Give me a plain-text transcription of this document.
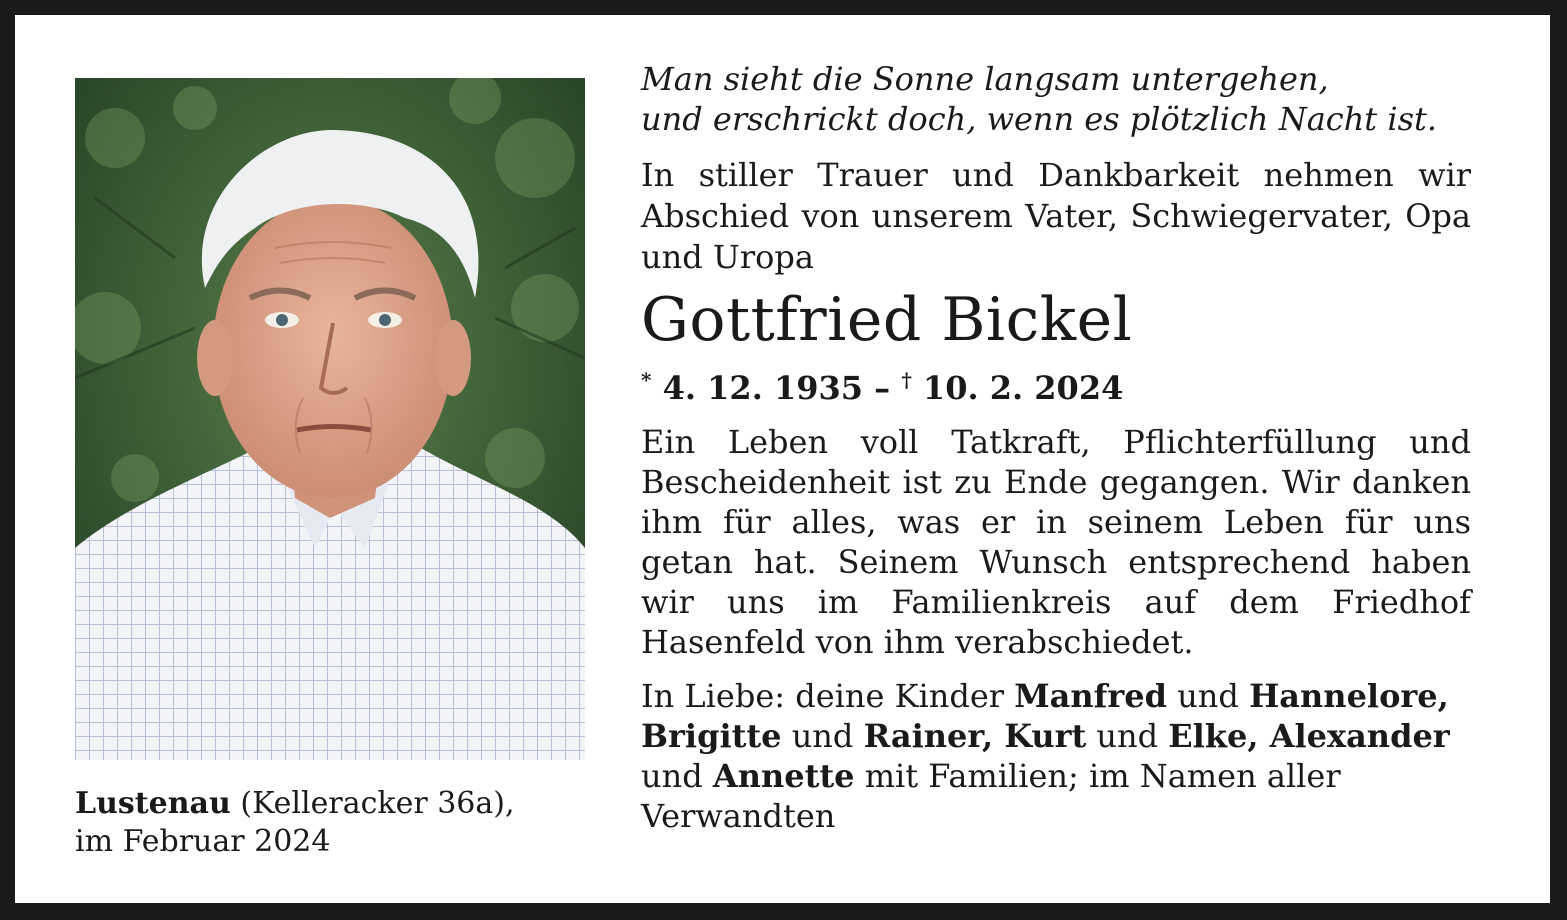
Lustenau (Kelleracker 36a),
im Februar 2024

Man sieht die Sonne langsam untergehen,
und erschrickt doch, wenn es plötzlich Nacht ist.

In stiller Trauer und Dankbarkeit nehmen wir Abschied von unserem Vater, Schwiegervater, Opa und Uropa

Gottfried Bickel

* 4. 12. 1935 – † 10. 2. 2024

Ein Leben voll Tatkraft, Pflichterfüllung und Bescheidenheit ist zu Ende gegangen. Wir danken ihm für alles, was er in seinem Leben für uns getan hat. Seinem Wunsch entsprechend haben wir uns im Familienkreis auf dem Friedhof Hasenfeld von ihm verabschiedet.

In Liebe: deine Kinder Manfred und Hannelore,
Brigitte und Rainer, Kurt und Elke, Alexander
und Annette mit Familien; im Namen aller Verwandten
